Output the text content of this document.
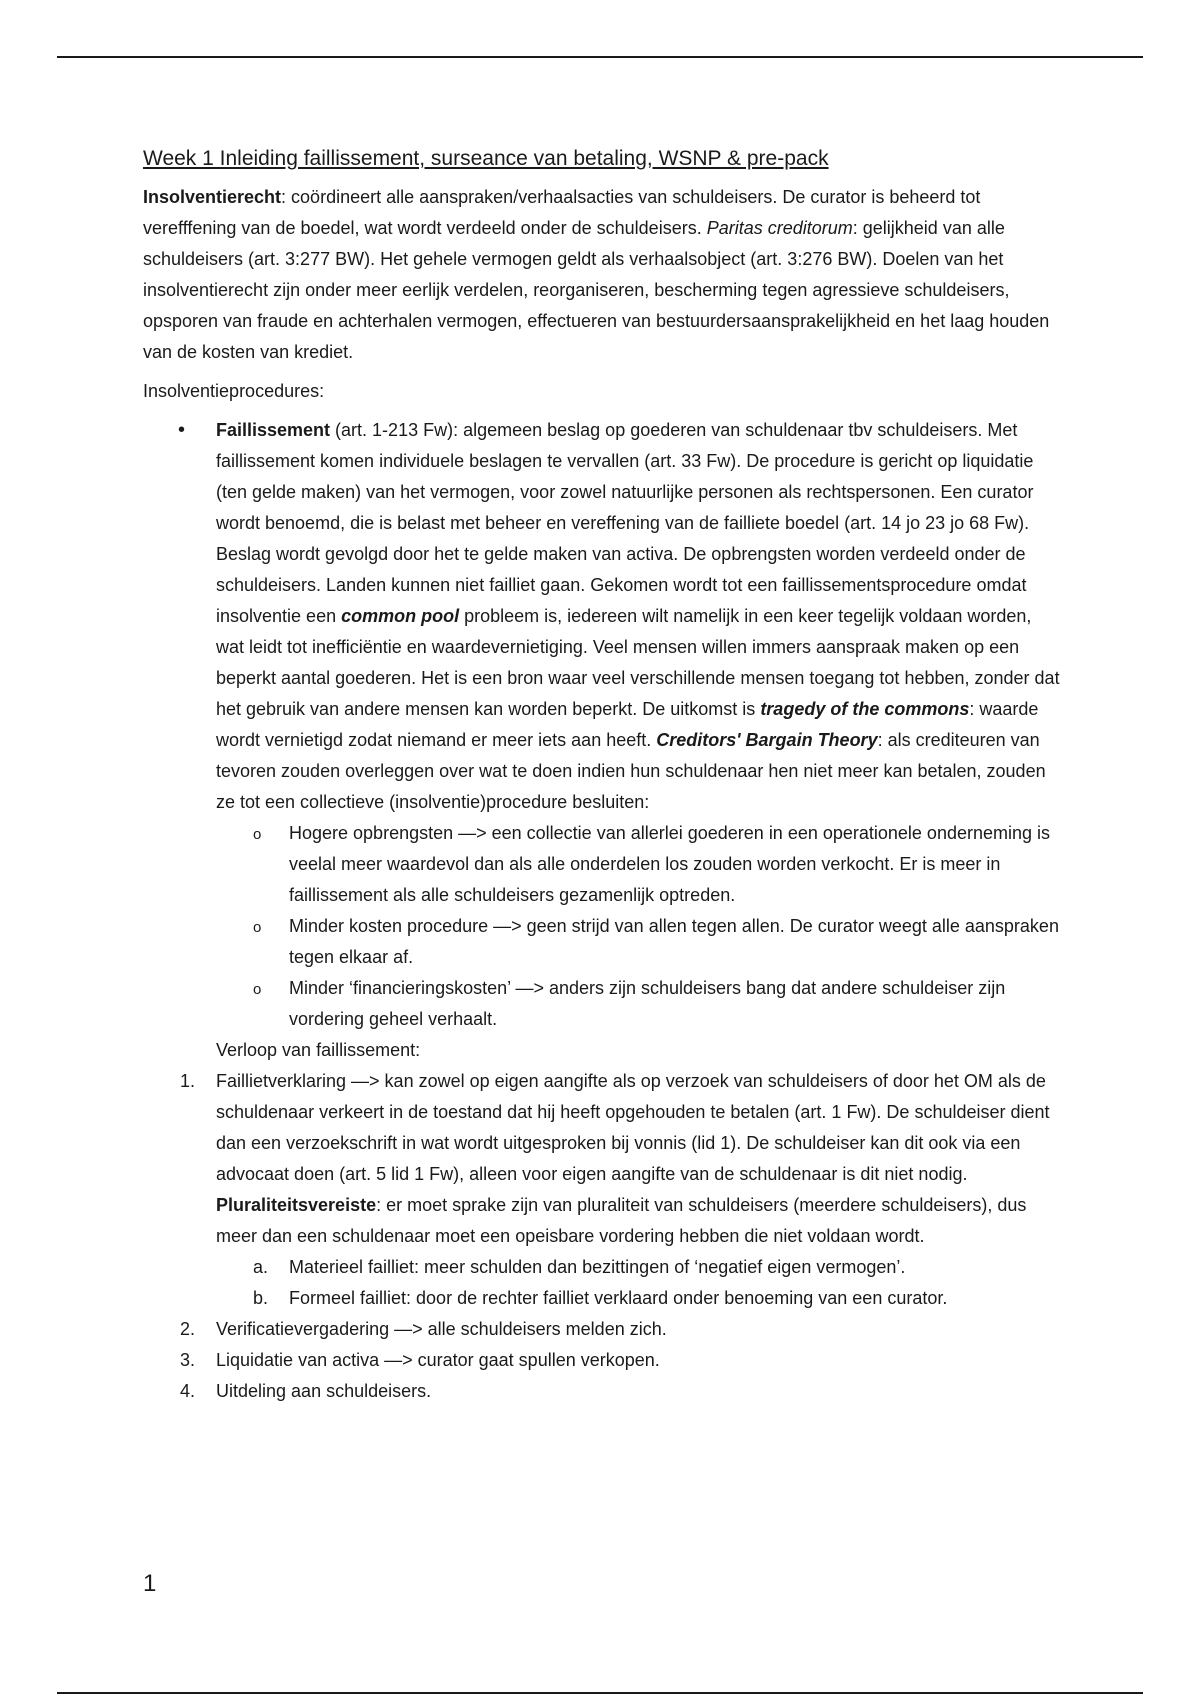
Week 1 Inleiding faillissement, surseance van betaling, WSNP & pre-pack

Insolventierecht: coördineert alle aanspraken/verhaalsacties van schuldeisers. De curator is beheerd tot verefffening van de boedel, wat wordt verdeeld onder de schuldeisers. Paritas creditorum: gelijkheid van alle schuldeisers (art. 3:277 BW). Het gehele vermogen geldt als verhaalsobject (art. 3:276 BW). Doelen van het insolventierecht zijn onder meer eerlijk verdelen, reorganiseren, bescherming tegen agressieve schuldeisers, opsporen van fraude en achterhalen vermogen, effectueren van bestuurdersaansprakelijkheid en het laag houden van de kosten van krediet.

Insolventieprocedures:

• Faillissement (art. 1-213 Fw): algemeen beslag op goederen van schuldenaar tbv schuldeisers. Met faillissement komen individuele beslagen te vervallen (art. 33 Fw). De procedure is gericht op liquidatie (ten gelde maken) van het vermogen, voor zowel natuurlijke personen als rechtspersonen. Een curator wordt benoemd, die is belast met beheer en vereffening van de failliete boedel (art. 14 jo 23 jo 68 Fw). Beslag wordt gevolgd door het te gelde maken van activa. De opbrengsten worden verdeeld onder de schuldeisers. Landen kunnen niet failliet gaan. Gekomen wordt tot een faillissementsprocedure omdat insolventie een common pool probleem is, iedereen wilt namelijk in een keer tegelijk voldaan worden, wat leidt tot inefficiëntie en waardevernietiging. Veel mensen willen immers aanspraak maken op een beperkt aantal goederen. Het is een bron waar veel verschillende mensen toegang tot hebben, zonder dat het gebruik van andere mensen kan worden beperkt. De uitkomst is tragedy of the commons: waarde wordt vernietigd zodat niemand er meer iets aan heeft. Creditors' Bargain Theory: als crediteuren van tevoren zouden overleggen over wat te doen indien hun schuldenaar hen niet meer kan betalen, zouden ze tot een collectieve (insolventie)procedure besluiten:
o Hogere opbrengsten —> een collectie van allerlei goederen in een operationele onderneming is veelal meer waardevol dan als alle onderdelen los zouden worden verkocht. Er is meer in faillissement als alle schuldeisers gezamenlijk optreden.
o Minder kosten procedure —> geen strijd van allen tegen allen. De curator weegt alle aanspraken tegen elkaar af.
o Minder ‘financieringskosten’ —> anders zijn schuldeisers bang dat andere schuldeiser zijn vordering geheel verhaalt.
Verloop van faillissement:
1. Faillietverklaring —> kan zowel op eigen aangifte als op verzoek van schuldeisers of door het OM als de schuldenaar verkeert in de toestand dat hij heeft opgehouden te betalen (art. 1 Fw). De schuldeiser dient dan een verzoekschrift in wat wordt uitgesproken bij vonnis (lid 1). De schuldeiser kan dit ook via een advocaat doen (art. 5 lid 1 Fw), alleen voor eigen aangifte van de schuldenaar is dit niet nodig. Pluraliteitsvereiste: er moet sprake zijn van pluraliteit van schuldeisers (meerdere schuldeisers), dus meer dan een schuldenaar moet een opeisbare vordering hebben die niet voldaan wordt.
a. Materieel failliet: meer schulden dan bezittingen of ‘negatief eigen vermogen’.
b. Formeel failliet: door de rechter failliet verklaard onder benoeming van een curator.
2. Verificatievergadering —> alle schuldeisers melden zich.
3. Liquidatie van activa —> curator gaat spullen verkopen.
4. Uitdeling aan schuldeisers.
1
